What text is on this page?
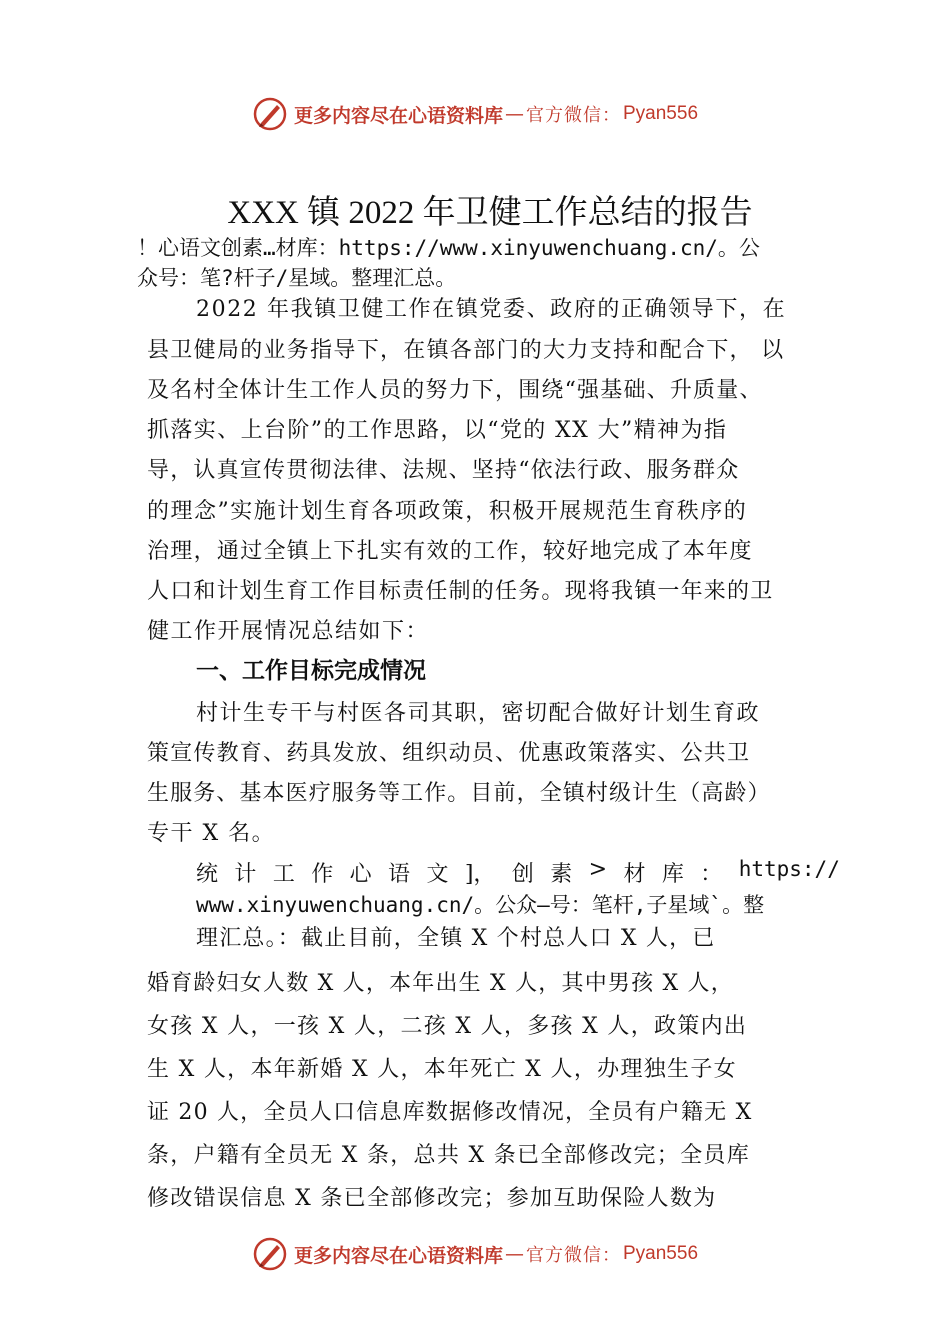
更多内容尽在心语资料库 — 官方微信： Pyan556
XXX 镇 2022 年卫健工作总结的报告
！心语文创素…材库：https://www.xinyuwenchuang.cn/。公
众号：笔?杆子/星域。整理汇总。
2022 年我镇卫健工作在镇党委、政府的正确领导下，在
县卫健局的业务指导下，在镇各部门的大力支持和配合下， 以
及名村全体计生工作人员的努力下，围绕“强基础、升质量、
抓落实、上台阶”的工作思路，以“党的 XX 大”精神为指
导，认真宣传贯彻法律、法规、坚持“依法行政、服务群众
的理念”实施计划生育各项政策，积极开展规范生育秩序的
治理，通过全镇上下扎实有效的工作，较好地完成了本年度
人口和计划生育工作目标责任制的任务。现将我镇一年来的卫
健工作开展情况总结如下：
一、工作目标完成情况
村计生专干与村医各司其职，密切配合做好计划生育政
策宣传教育、药具发放、组织动员、优惠政策落实、公共卫
生服务、基本医疗服务等工作。目前，全镇村级计生（高龄）
专干 X 名。
统 计 工 作 心 语 文 ]， 创 素 > 材 库 ： https://
www.xinyuwenchuang.cn/。公众—号：笔杆,子星域`。整
理汇总。：截止目前，全镇 X 个村总人口 X 人，已
婚育龄妇女人数 X 人，本年出生 X 人，其中男孩 X 人，
女孩 X 人，一孩 X 人，二孩 X 人，多孩 X 人，政策内出
生 X 人，本年新婚 X 人，本年死亡 X 人，办理独生子女
证 20 人，全员人口信息库数据修改情况，全员有户籍无 X
条，户籍有全员无 X 条，总共 X 条已全部修改完；全员库
修改错误信息 X 条已全部修改完；参加互助保险人数为
更多内容尽在心语资料库 — 官方微信： Pyan556
